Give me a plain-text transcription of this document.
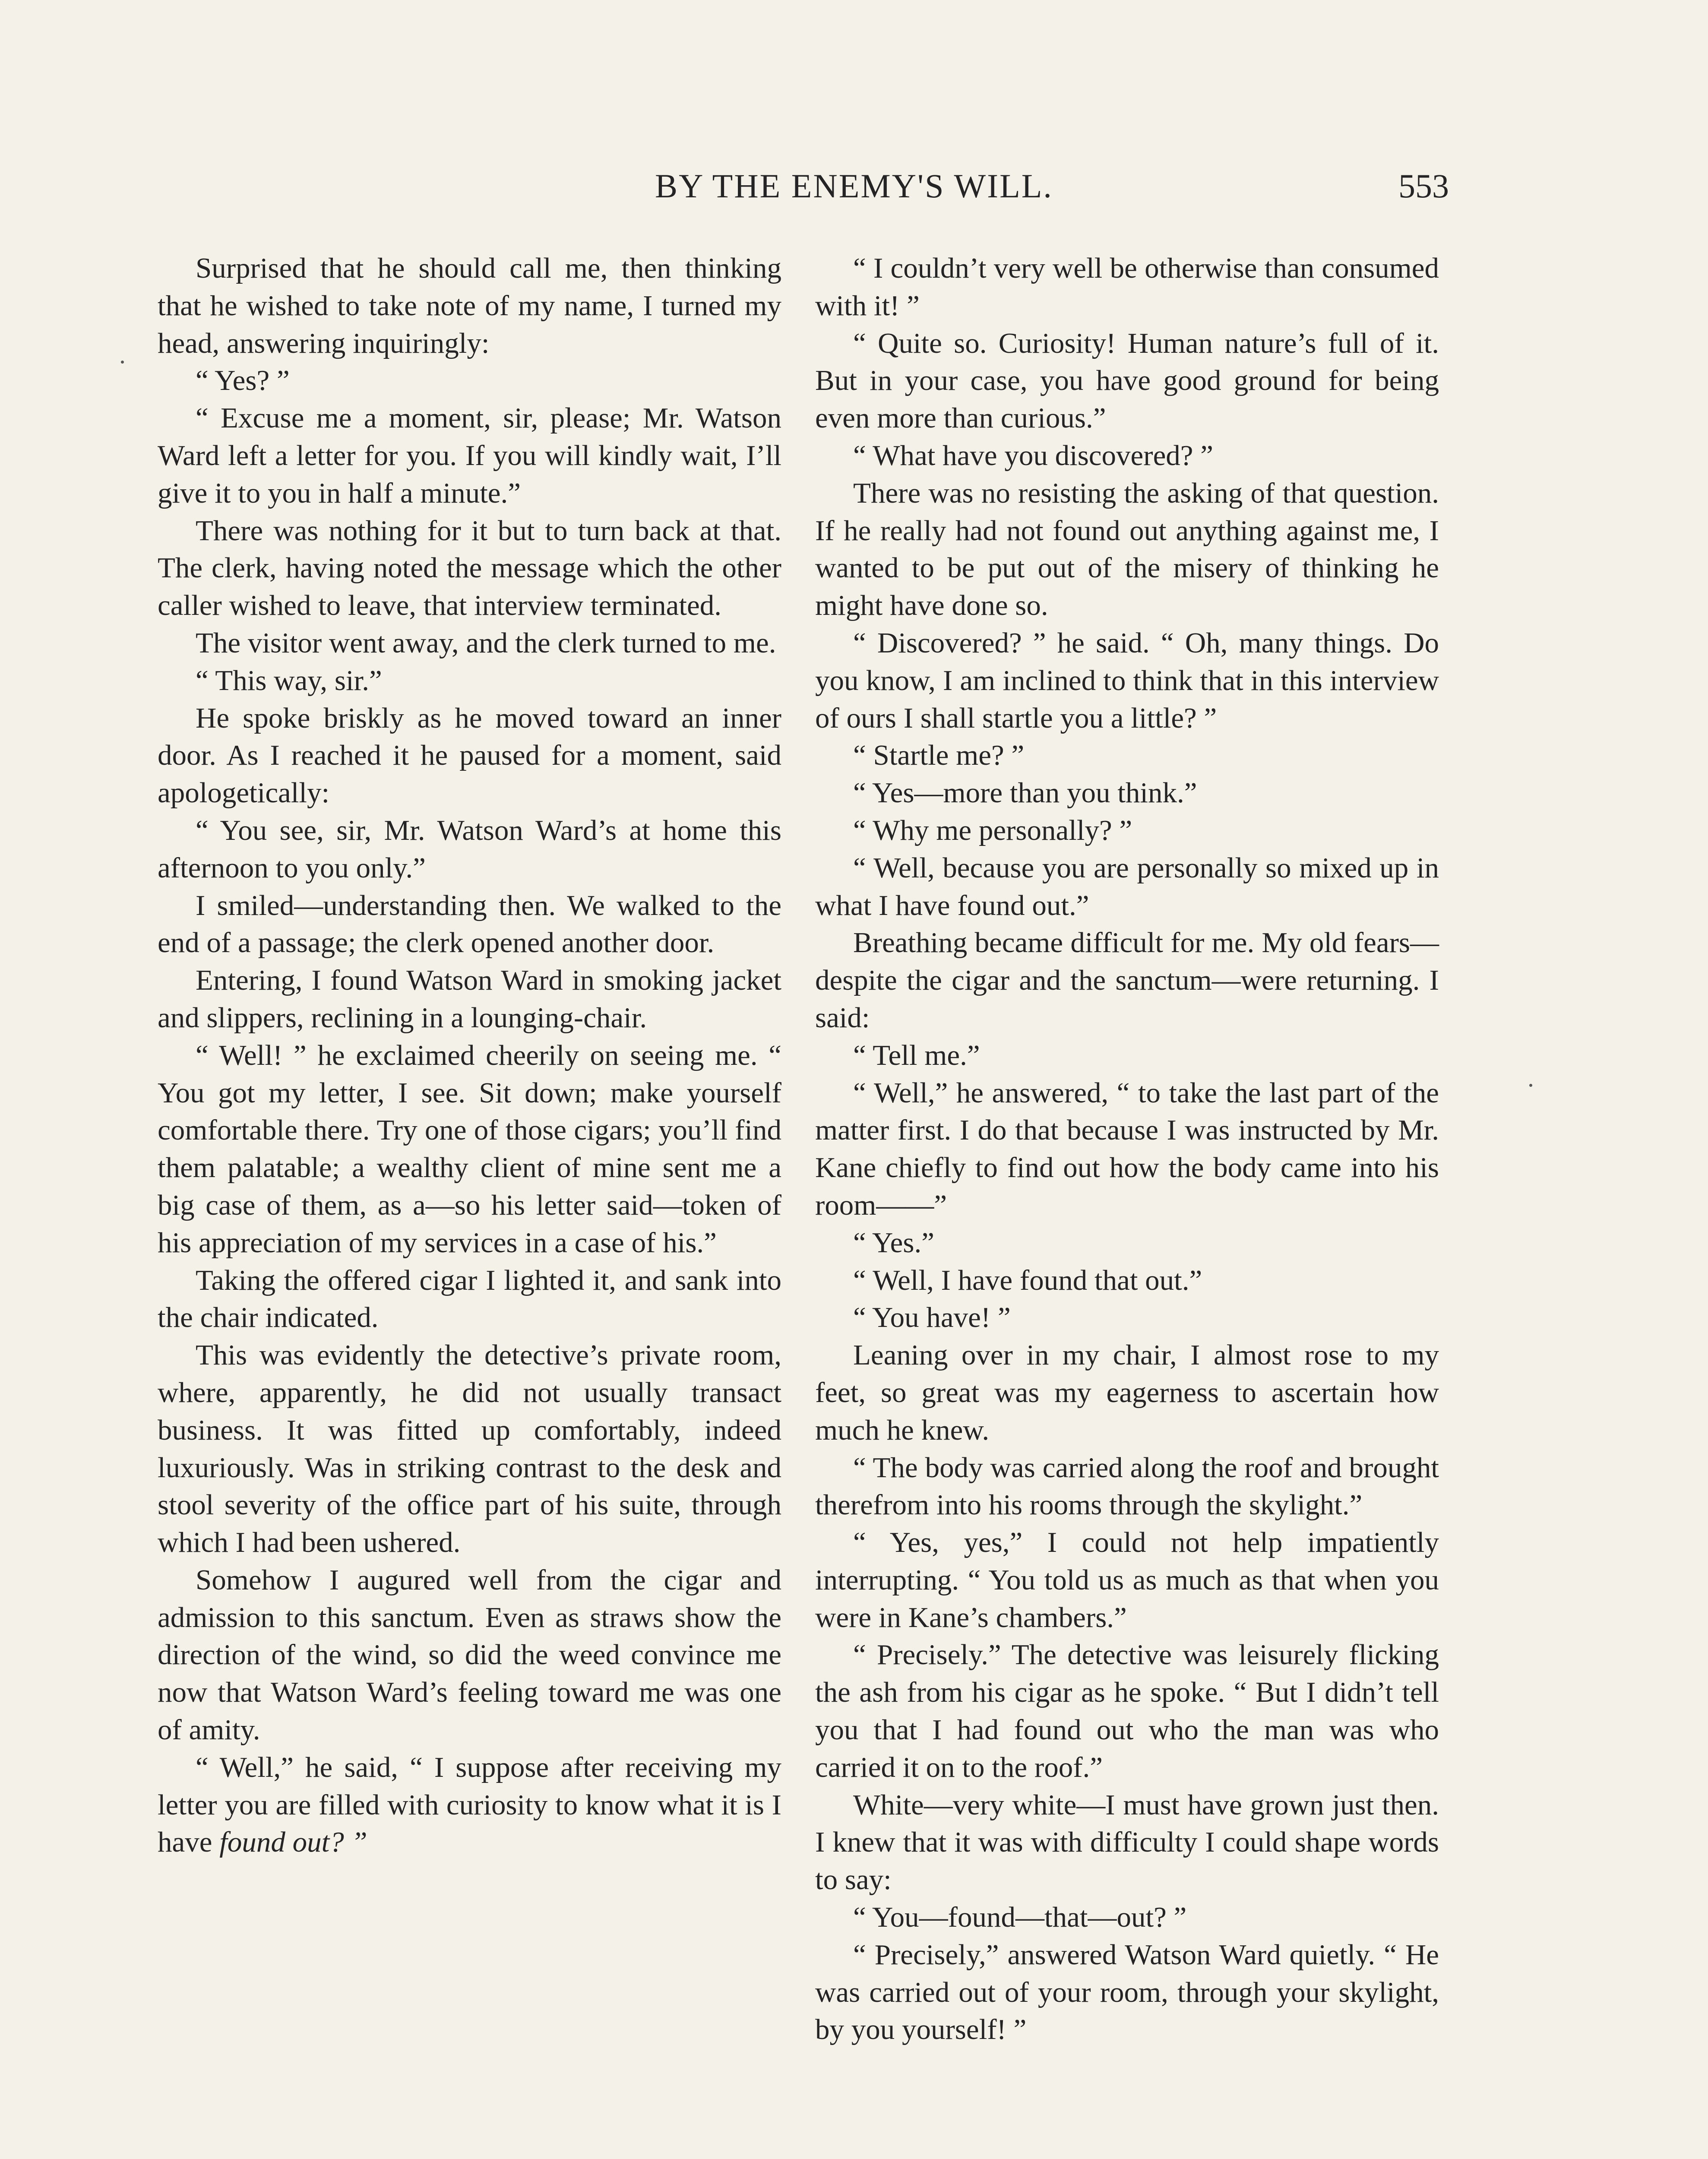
BY THE ENEMY'S WILL.	553

Surprised that he should call me, then thinking that he wished to take note of my name, I turned my head, answering inquiringly:

“ Yes? ”

“ Excuse me a moment, sir, please; Mr. Watson Ward left a letter for you. If you will kindly wait, I’ll give it to you in half a minute.”

There was nothing for it but to turn back at that. The clerk, having noted the message which the other caller wished to leave, that interview terminated.

The visitor went away, and the clerk turned to me.

“ This way, sir.”

He spoke briskly as he moved toward an inner door. As I reached it he paused for a moment, said apologetically:

“ You see, sir, Mr. Watson Ward’s at home this afternoon to you only.”

I smiled—understanding then. We walked to the end of a passage; the clerk opened another door.

Entering, I found Watson Ward in smoking jacket and slippers, reclining in a lounging-chair.

“ Well! ” he exclaimed cheerily on seeing me. “ You got my letter, I see. Sit down; make yourself comfortable there. Try one of those cigars; you’ll find them palatable; a wealthy client of mine sent me a big case of them, as a—so his letter said—token of his appreciation of my services in a case of his.”

Taking the offered cigar I lighted it, and sank into the chair indicated.

This was evidently the detective’s private room, where, apparently, he did not usually transact business. It was fitted up comfortably, indeed luxuriously. Was in striking contrast to the desk and stool severity of the office part of his suite, through which I had been ushered.

Somehow I augured well from the cigar and admission to this sanctum. Even as straws show the direction of the wind, so did the weed convince me now that Watson Ward’s feeling toward me was one of amity.

“ Well,” he said, “ I suppose after receiving my letter you are filled with curiosity to know what it is I have found out? ”

“ I couldn’t very well be otherwise than consumed with it! ”

“ Quite so. Curiosity! Human nature’s full of it. But in your case, you have good ground for being even more than curious.”

“ What have you discovered? ”

There was no resisting the asking of that question. If he really had not found out anything against me, I wanted to be put out of the misery of thinking he might have done so.

“ Discovered? ” he said. “ Oh, many things. Do you know, I am inclined to think that in this interview of ours I shall startle you a little? ”

“ Startle me? ”

“ Yes—more than you think.”

“ Why me personally? ”

“ Well, because you are personally so mixed up in what I have found out.”

Breathing became difficult for me. My old fears—despite the cigar and the sanctum—were returning. I said:

“ Tell me.”

“ Well,” he answered, “ to take the last part of the matter first. I do that because I was instructed by Mr. Kane chiefly to find out how the body came into his room——”

“ Yes.”

“ Well, I have found that out.”

“ You have! ”

Leaning over in my chair, I almost rose to my feet, so great was my eagerness to ascertain how much he knew.

“ The body was carried along the roof and brought therefrom into his rooms through the skylight.”

“ Yes, yes,” I could not help impatiently interrupting. “ You told us as much as that when you were in Kane’s chambers.”

“ Precisely.” The detective was leisurely flicking the ash from his cigar as he spoke. “ But I didn’t tell you that I had found out who the man was who carried it on to the roof.”

White—very white—I must have grown just then. I knew that it was with difficulty I could shape words to say:

“ You—found—that—out? ”

“ Precisely,” answered Watson Ward quietly. “ He was carried out of your room, through your skylight, by you yourself! ”
